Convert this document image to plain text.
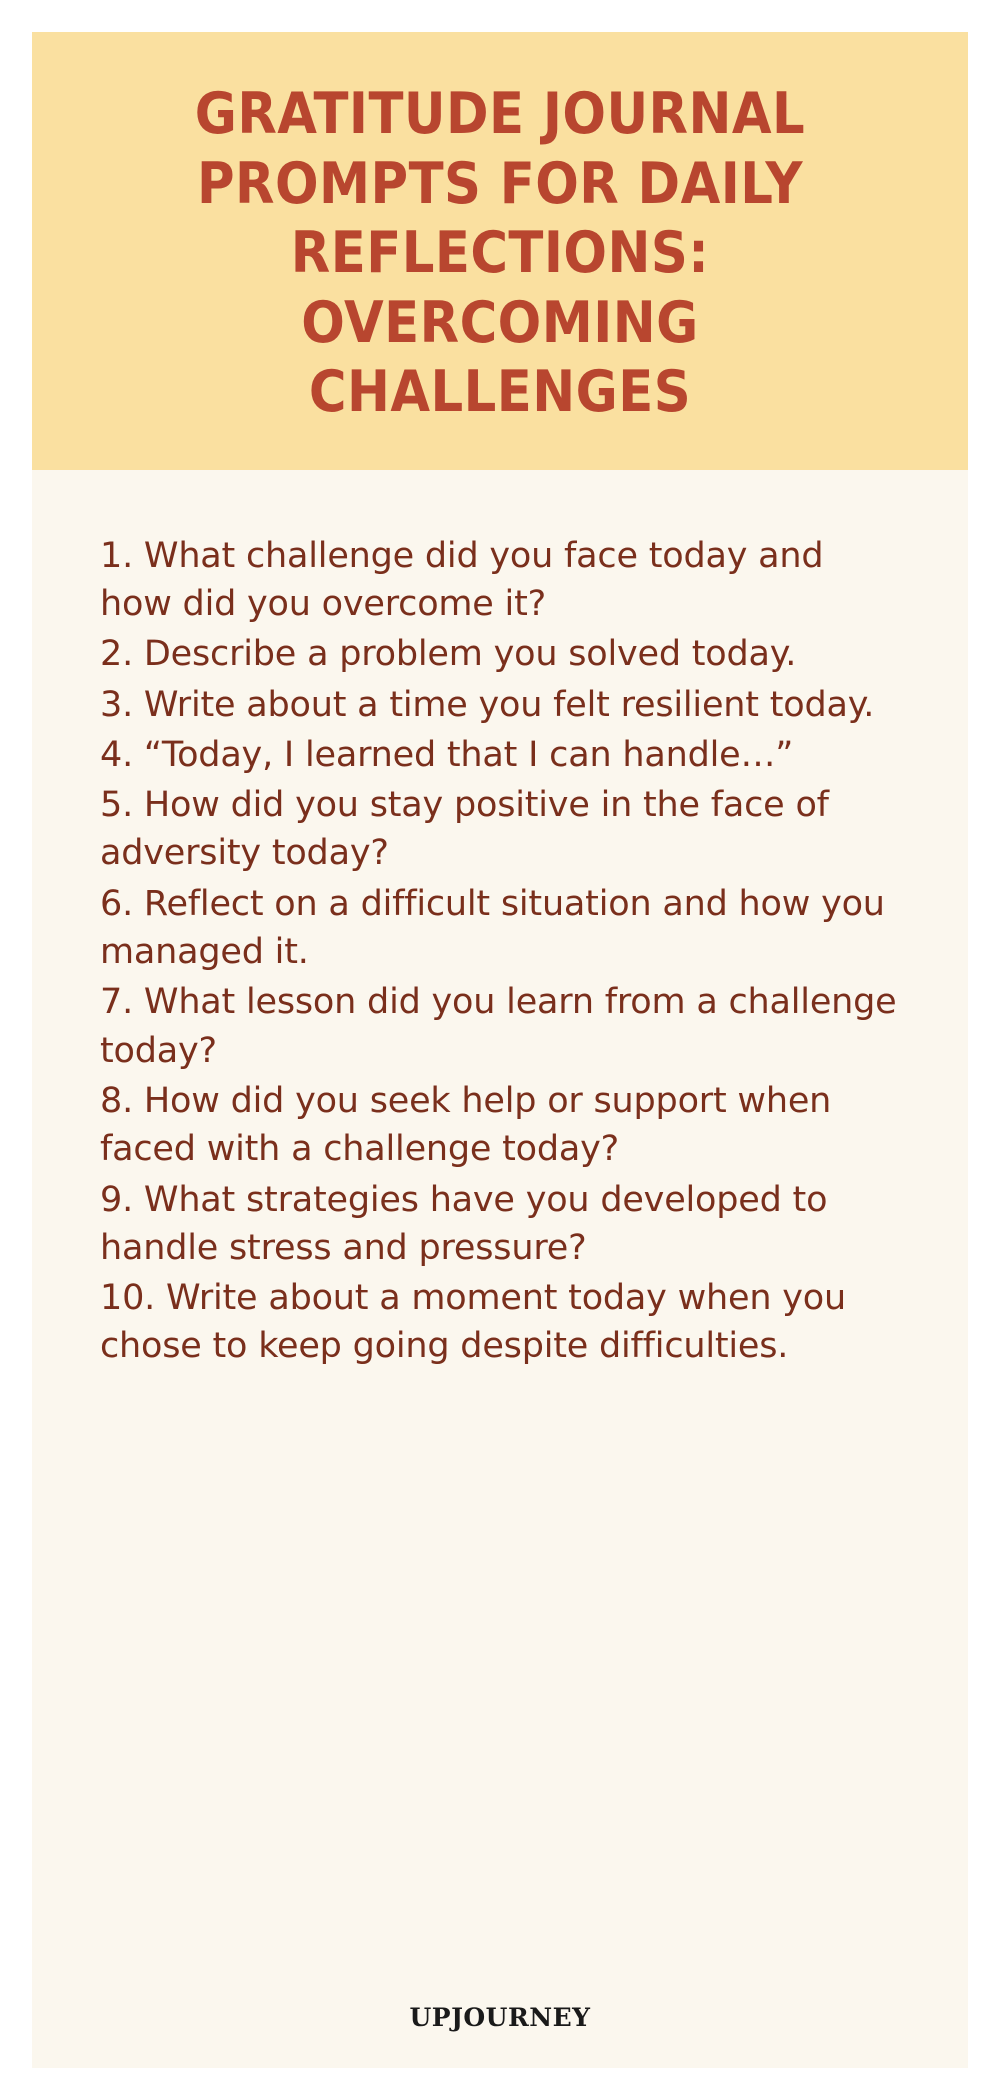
GRATITUDE JOURNAL PROMPTS FOR DAILY REFLECTIONS: OVERCOMING CHALLENGES
1. What challenge did you face today and how did you overcome it?
2. Describe a problem you solved today.
3. Write about a time you felt resilient today.
4. “Today, I learned that I can handle…”
5. How did you stay positive in the face of adversity today?
6. Reflect on a difficult situation and how you managed it.
7. What lesson did you learn from a challenge today?
8. How did you seek help or support when faced with a challenge today?
9. What strategies have you developed to handle stress and pressure?
10. Write about a moment today when you chose to keep going despite difficulties.
UPJOURNEY
